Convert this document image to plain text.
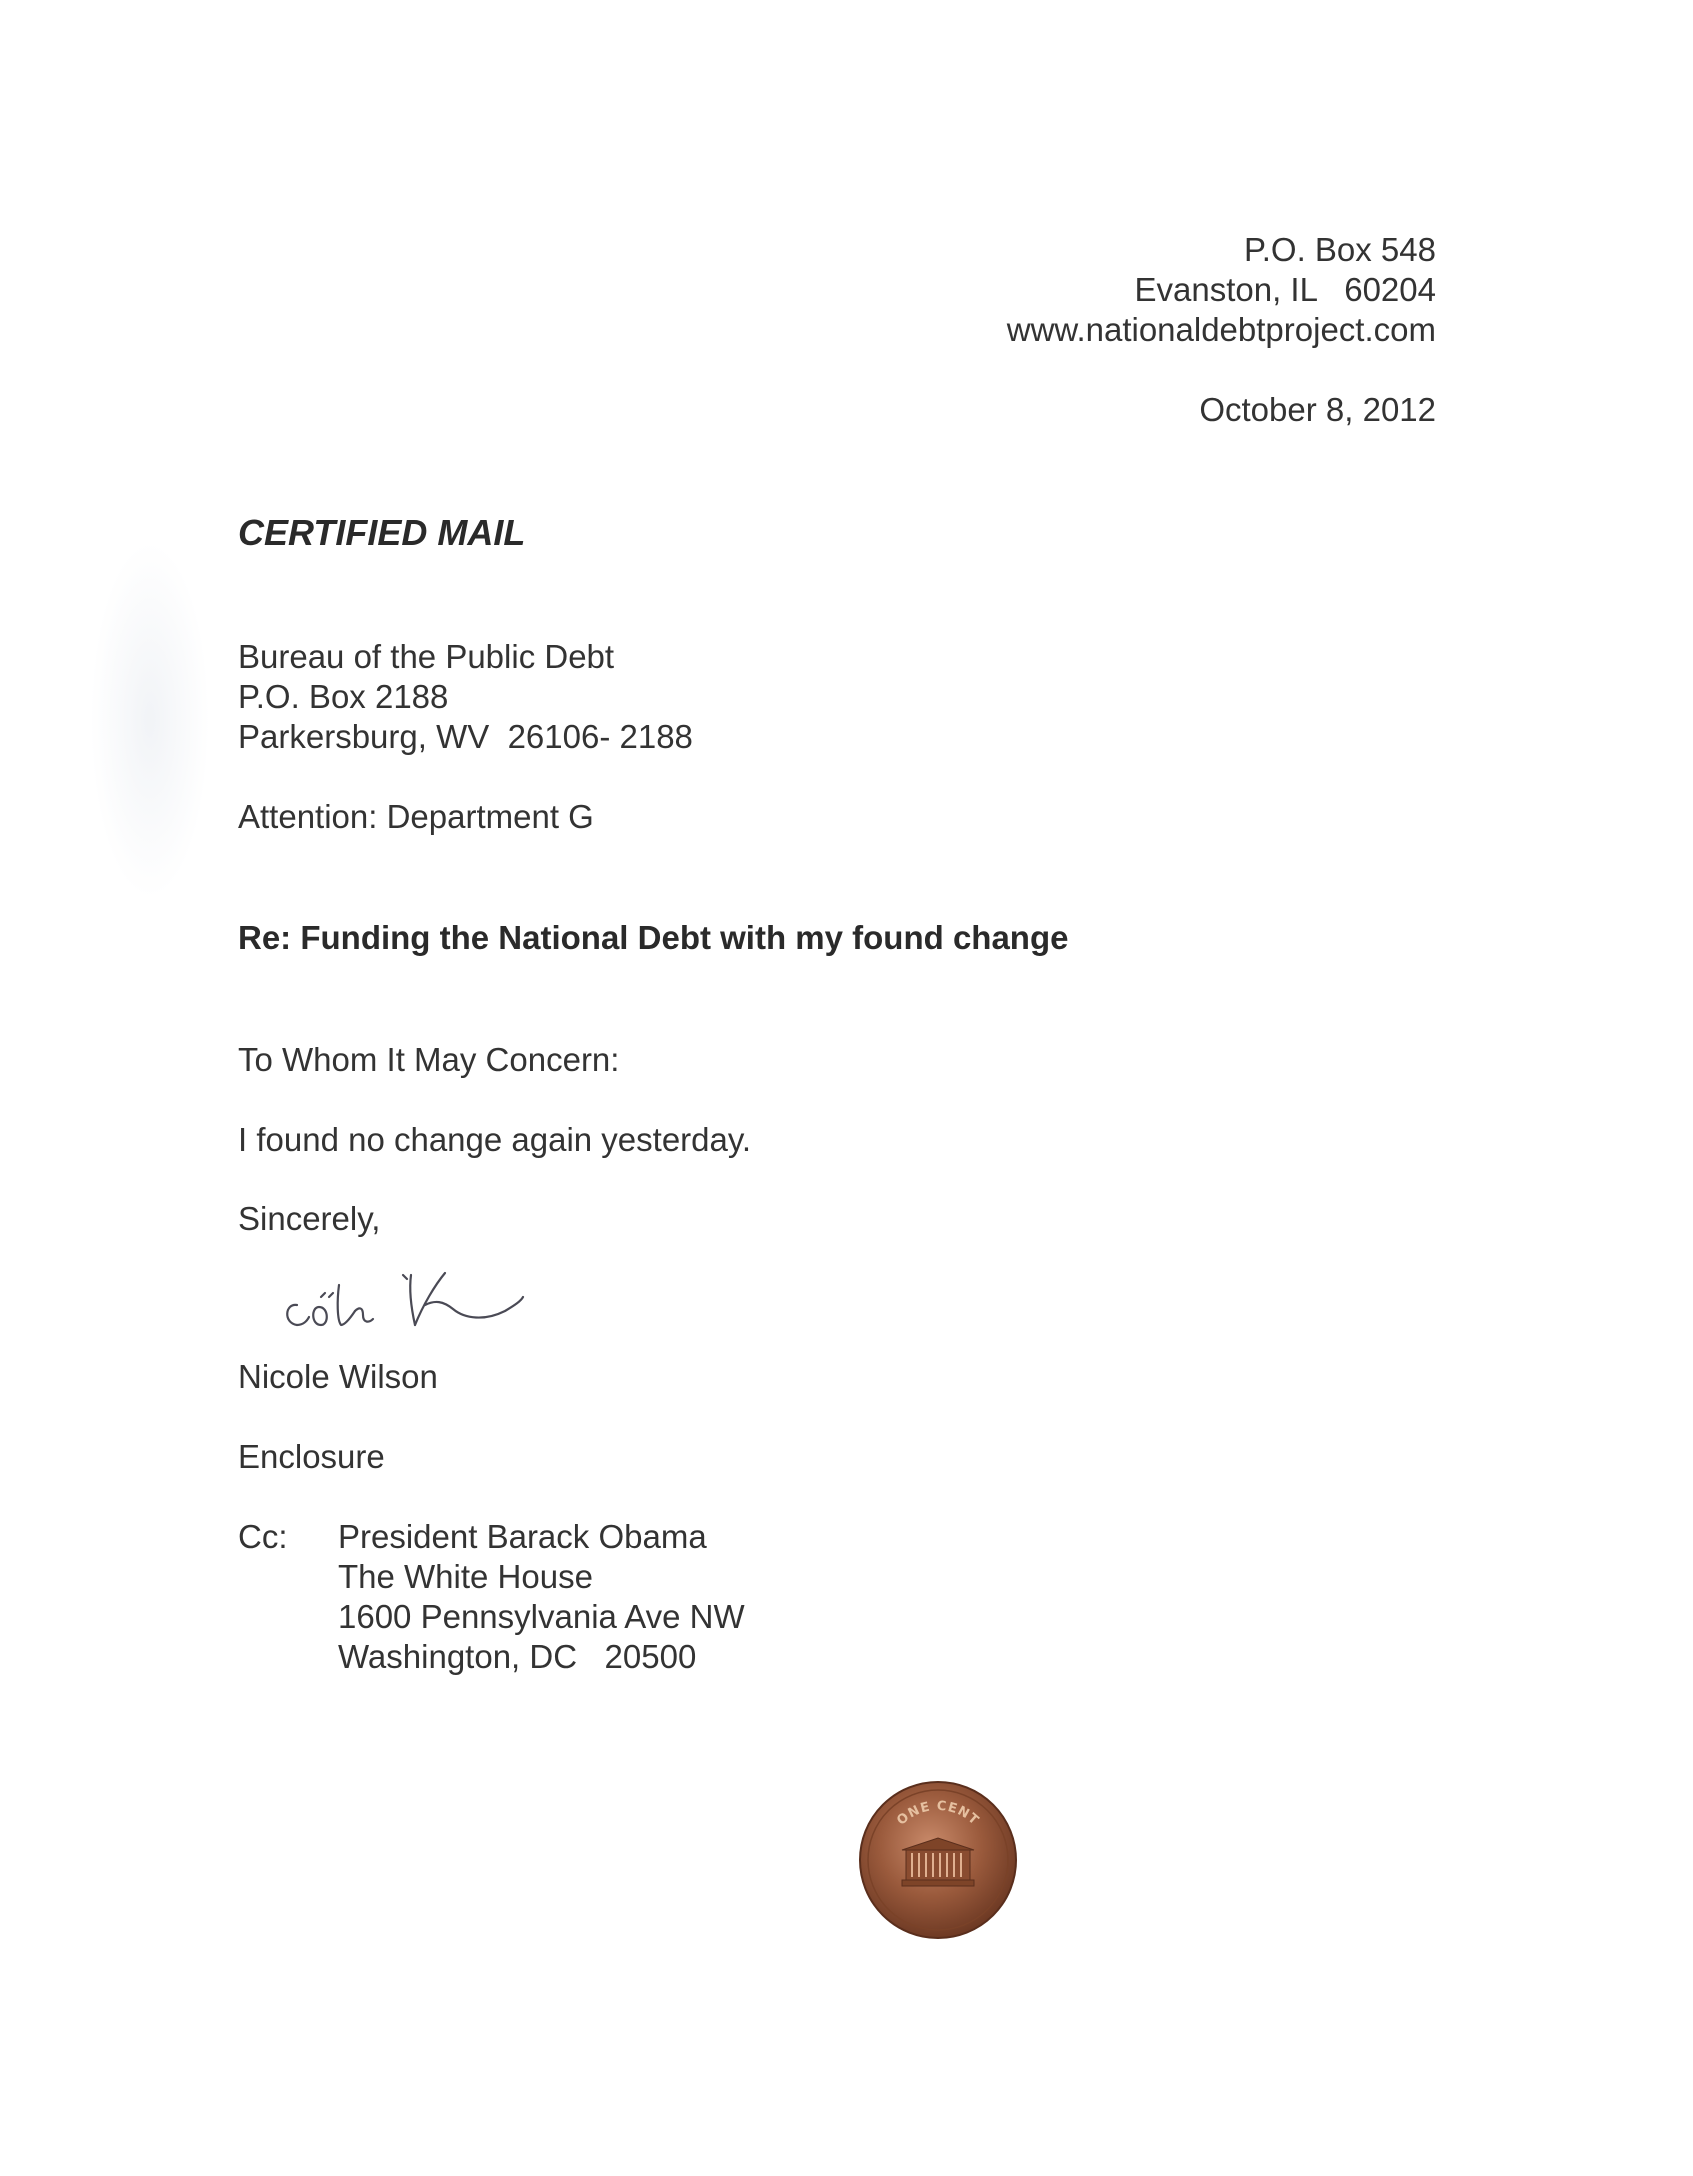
P.O. Box 548
Evanston, IL   60204
www.nationaldebtproject.com
October 8, 2012
CERTIFIED MAIL
Bureau of the Public Debt
P.O. Box 2188
Parkersburg, WV  26106- 2188
Attention: Department G
Re: Funding the National Debt with my found change
To Whom It May Concern:
I found no change again yesterday.
Sincerely,
Nicole Wilson
Enclosure
Cc: President Barack Obama
The White House
1600 Pennsylvania Ave NW
Washington, DC   20500
ONE CENT
